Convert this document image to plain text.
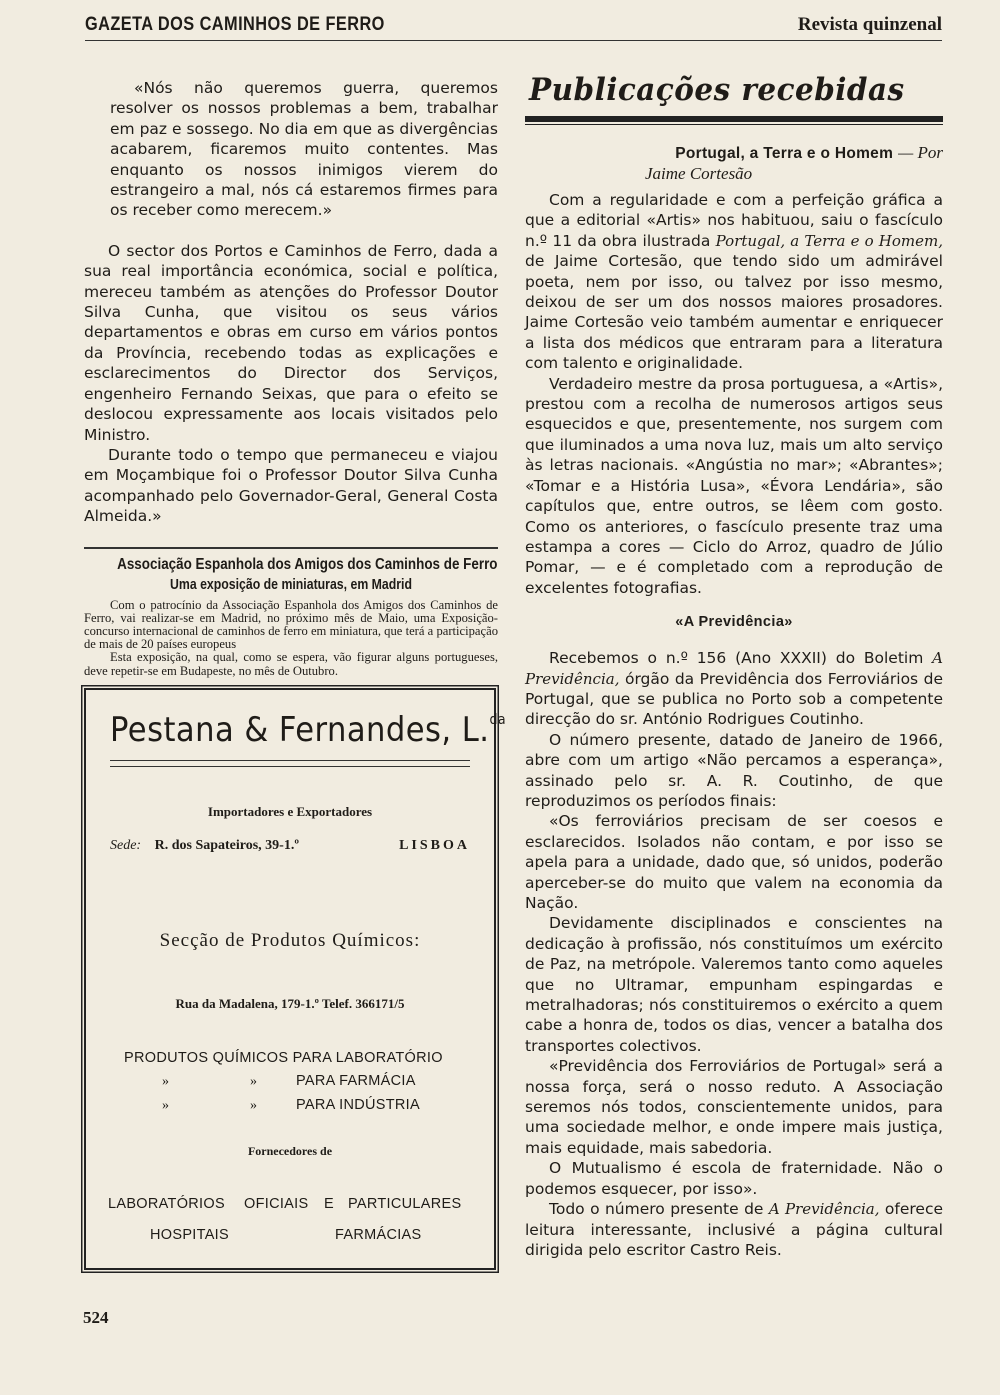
GAZETA DOS CAMINHOS DE FERRO	Revista quinzenal

«Nós não queremos guerra, queremos resolver os nossos problemas a bem, trabalhar em paz e sossego. No dia em que as divergências acabarem, ficaremos muito contentes. Mas enquanto os nossos inimigos vierem do estrangeiro a mal, nós cá estaremos firmes para os receber como merecem.»

O sector dos Portos e Caminhos de Ferro, dada a sua real importância económica, social e política, mereceu também as atenções do Professor Doutor Silva Cunha, que visitou os seus vários departamentos e obras em curso em vários pontos da Província, recebendo todas as explicações e esclarecimentos do Director dos Serviços, engenheiro Fernando Seixas, que para o efeito se deslocou expressamente aos locais visitados pelo Ministro.

Durante todo o tempo que permaneceu e viajou em Moçambique foi o Professor Doutor Silva Cunha acompanhado pelo Governador-Geral, General Costa Almeida.»

Associação Espanhola dos Amigos dos Caminhos de Ferro

Uma exposição de miniaturas, em Madrid

Com o patrocínio da Associação Espanhola dos Amigos dos Caminhos de Ferro, vai realizar-se em Madrid, no próximo mês de Maio, uma Exposição-concurso internacional de caminhos de ferro em miniatura, que terá a participação de mais de 20 países europeus

Esta exposição, na qual, como se espera, vão figurar alguns portugueses, deve repetir-se em Budapeste, no mês de Outubro.

Pestana & Fernandes, L.$^{da}$
Importadores e Exportadores
Sede: R. dos Sapateiros, 39-1.º	LISBOA
Secção de Produtos Químicos:
Rua da Madalena, 179-1.º Telef. 366171/5
PRODUTOS QUÍMICOS PARA LABORATÓRIO
»	»	PARA FARMÁCIA
»	»	PARA INDÚSTRIA
Fornecedores de
LABORATÓRIOS OFICIAIS E PARTICULARES
HOSPITAIS	FARMÁCIAS

Publicações recebidas

Portugal, a Terra e o Homem — Por
Jaime Cortesão

Com a regularidade e com a perfeição gráfica a que a editorial «Artis» nos habituou, saiu o fascículo n.º 11 da obra ilustrada Portugal, a Terra e o Homem, de Jaime Cortesão, que tendo sido um admirável poeta, nem por isso, ou talvez por isso mesmo, deixou de ser um dos nossos maiores prosadores. Jaime Cortesão veio também aumentar e enriquecer a lista dos médicos que entraram para a literatura com talento e originalidade.

Verdadeiro mestre da prosa portuguesa, a «Artis», prestou com a recolha de numerosos artigos seus esquecidos e que, presentemente, nos surgem com que iluminados a uma nova luz, mais um alto serviço às letras nacionais. «Angústia no mar»; «Abrantes»; «Tomar e a História Lusa», «Évora Lendária», são capítulos que, entre outros, se lêem com gosto. Como os anteriores, o fascículo presente traz uma estampa a cores — Ciclo do Arroz, quadro de Júlio Pomar, — e é completado com a reprodução de excelentes fotografias.

«A Previdência»

Recebemos o n.º 156 (Ano XXXII) do Boletim A Previdência, órgão da Previdência dos Ferroviários de Portugal, que se publica no Porto sob a competente direcção do sr. António Rodrigues Coutinho.

O número presente, datado de Janeiro de 1966, abre com um artigo «Não percamos a esperança», assinado pelo sr. A. R. Coutinho, de que reproduzimos os períodos finais:

«Os ferroviários precisam de ser coesos e esclarecidos. Isolados não contam, e por isso se apela para a unidade, dado que, só unidos, poderão aperceber-se do muito que valem na economia da Nação.

Devidamente disciplinados e conscientes na dedicação à profissão, nós constituímos um exército de Paz, na metrópole. Valeremos tanto como aqueles que no Ultramar, empunham espingardas e metralhadoras; nós constituiremos o exército a quem cabe a honra de, todos os dias, vencer a batalha dos transportes colectivos.

«Previdência dos Ferroviários de Portugal» será a nossa força, será o nosso reduto. A Associação seremos nós todos, conscientemente unidos, para uma sociedade melhor, e onde impere mais justiça, mais equidade, mais sabedoria.

O Mutualismo é escola de fraternidade. Não o podemos esquecer, por isso».

Todo o número presente de A Previdência, oferece leitura interessante, inclusivé a página cultural dirigida pelo escritor Castro Reis.

524
